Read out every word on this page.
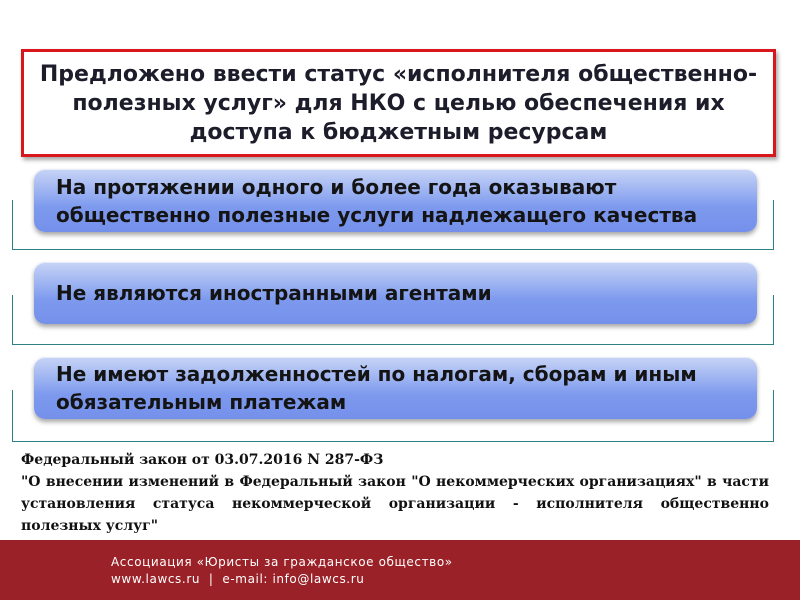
Предложено ввести статус «исполнителя общественно-полезных услуг» для НКО с целью обеспечения их доступа к бюджетным ресурсам
На протяжении одного и более года оказывают общественно полезные услуги надлежащего качества
Не являются иностранными агентами
Не имеют задолженностей по налогам, сборам и иным обязательным платежам
Федеральный закон от 03.07.2016 N 287-ФЗ
"О внесении изменений в Федеральный закон "О некоммерческих организациях" в части установления статуса некоммерческой организации - исполнителя общественно полезных услуг"
Ассоциация «Юристы за гражданское общество»
www.lawcs.ru  |  e-mail: info@lawcs.ru
